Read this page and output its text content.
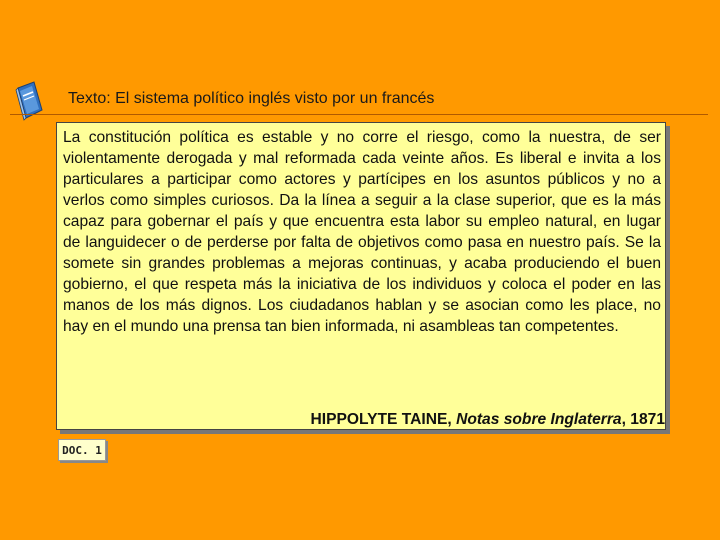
Texto: El sistema político inglés visto por un francés

La constitución política es estable y no corre el riesgo, como la nuestra, de ser violentamente derogada y mal reformada cada veinte años. Es liberal e invita a los particulares a participar como actores y partícipes en los asuntos públicos y no a verlos como simples curiosos. Da la línea a seguir a la clase superior, que es la más capaz para gobernar el país y que encuentra esta labor su empleo natural, en lugar de languidecer o de perderse por falta de objetivos como pasa en nuestro país. Se la somete sin grandes problemas a mejoras continuas, y acaba produciendo el buen gobierno, el que respeta más la iniciativa de los individuos y coloca el poder en las manos de los más dignos. Los ciudadanos hablan y se asocian como les place, no hay en el mundo una prensa tan bien informada, ni asambleas tan competentes.

HIPPOLYTE TAINE, Notas sobre Inglaterra, 1871
DOC. 1
